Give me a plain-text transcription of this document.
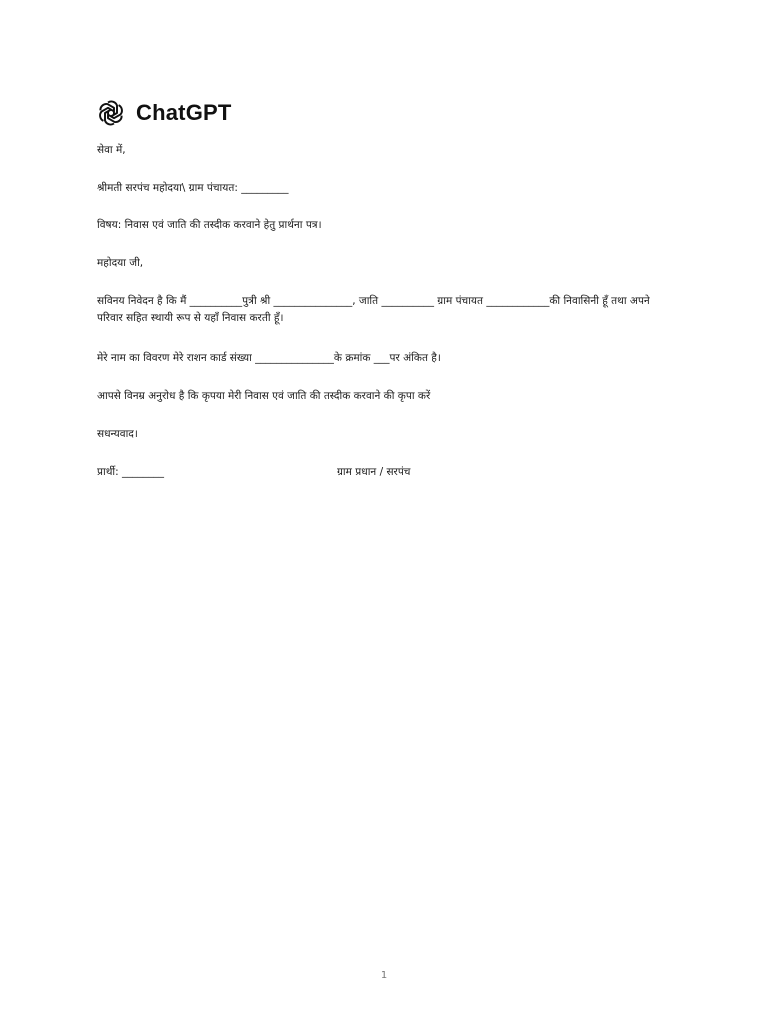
ChatGPT
सेवा में,
श्रीमती सरपंच महोदया\ ग्राम पंचायत: _________
विषय: निवास एवं जाति की तस्दीक करवाने हेतु प्रार्थना पत्र।
महोदया जी,
सविनय निवेदन है कि मैं __________पुत्री श्री _______________, जाति __________ ग्राम पंचायत ____________की निवासिनी हूँ तथा अपने परिवार सहित स्थायी रूप से यहाँ निवास करती हूँ।
मेरे नाम का विवरण मेरे राशन कार्ड संख्या _______________के क्रमांक ___पर अंकित है।
आपसे विनम्र अनुरोध है कि कृपया मेरी निवास एवं जाति की तस्दीक करवाने की कृपा करें
सधन्यवाद।
प्रार्थी: ________	ग्राम प्रधान / सरपंच
1
